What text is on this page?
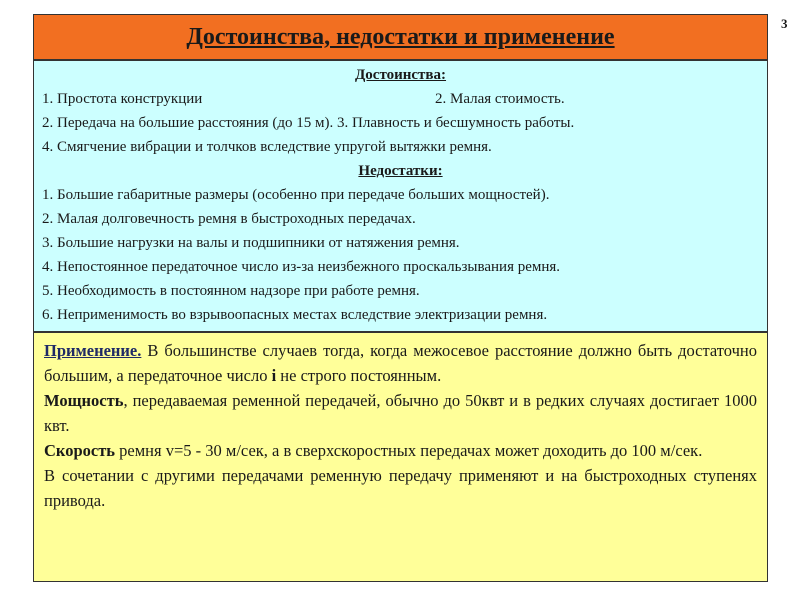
3
Достоинства, недостатки и применение
Достоинства:
1. Простота конструкции	2. Малая стоимость.
2. Передача на большие расстояния (до 15 м). 3. Плавность и бесшумность работы.
4. Смягчение вибрации и толчков вследствие упругой вытяжки ремня.
Недостатки:
1. Большие габаритные размеры (особенно при передаче больших мощностей).
2. Малая долговечность ремня в быстроходных передачах.
3. Большие нагрузки на валы и подшипники от натяжения ремня.
4. Непостоянное передаточное число из-за неизбежного проскальзывания ремня.
5. Необходимость в постоянном надзоре при работе ремня.
6. Неприменимость во взрывоопасных местах вследствие электризации ремня.

Применение. В большинстве случаев тогда, когда межосевое расстояние должно быть достаточно большим, а передаточное число i не строго постоянным.

Мощность, передаваемая ременной передачей, обычно до 50квт и в редких случаях достигает 1000 квт.

Скорость ремня v=5 - 30 м/сек, а в сверхскоростных передачах может доходить до 100 м/сек.

В сочетании с другими передачами ременную передачу применяют и на быстроходных ступенях привода.
